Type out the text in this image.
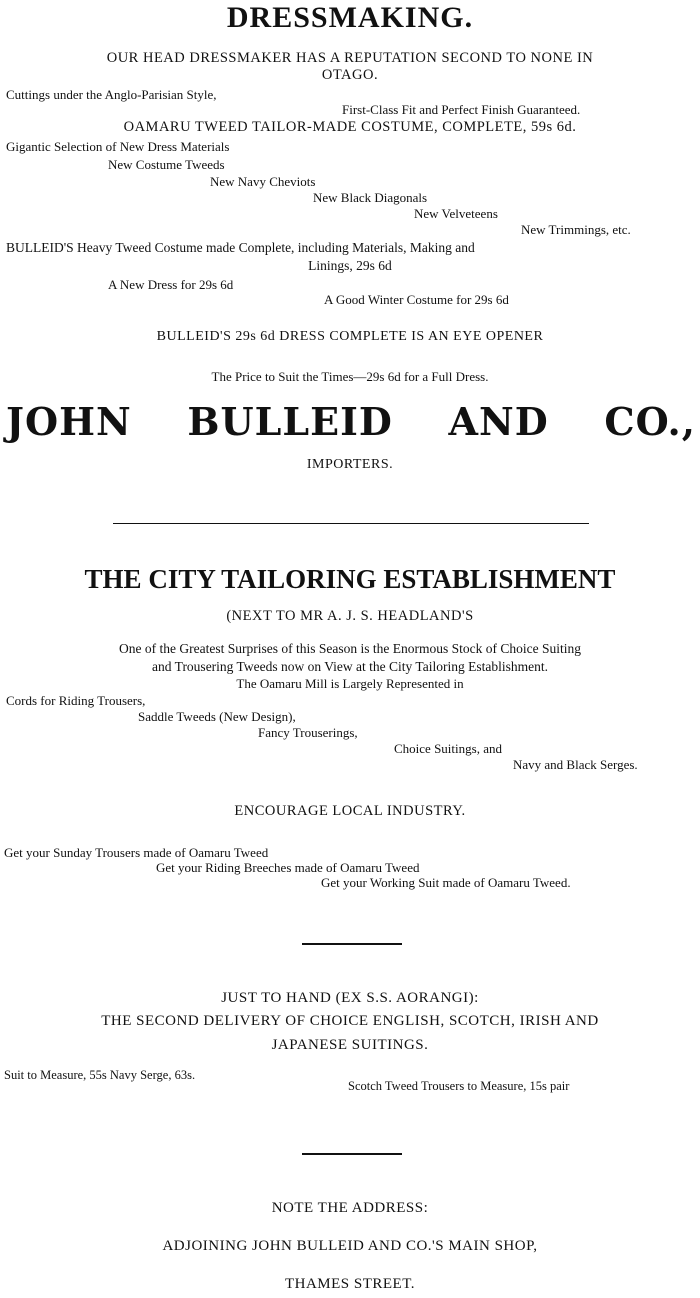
DRESSMAKING.
OUR HEAD DRESSMAKER HAS A REPUTATION SECOND TO NONE IN
OTAGO.
Cuttings under the Anglo-Parisian Style,
First-Class Fit and Perfect Finish Guaranteed.
OAMARU TWEED TAILOR-MADE COSTUME, COMPLETE, 59s 6d.
Gigantic Selection of New Dress Materials
New Costume Tweeds
New Navy Cheviots
New Black Diagonals
New Velveteens
New Trimmings, etc.
BULLEID'S Heavy Tweed Costume made Complete, including Materials, Making and
Linings, 29s 6d
A New Dress for 29s 6d
A Good Winter Costume for 29s 6d
BULLEID'S 29s 6d DRESS COMPLETE IS AN EYE OPENER
The Price to Suit the Times—29s 6d for a Full Dress.
JOHN BULLEID AND CO.,
IMPORTERS.
THE CITY TAILORING ESTABLISHMENT
(NEXT TO MR A. J. S. HEADLAND'S
One of the Greatest Surprises of this Season is the Enormous Stock of Choice Suiting
and Trousering Tweeds now on View at the City Tailoring Establishment.
The Oamaru Mill is Largely Represented in
Cords for Riding Trousers,
Saddle Tweeds (New Design),
Fancy Trouserings,
Choice Suitings, and
Navy and Black Serges.
ENCOURAGE LOCAL INDUSTRY.
Get your Sunday Trousers made of Oamaru Tweed
Get your Riding Breeches made of Oamaru Tweed
Get your Working Suit made of Oamaru Tweed.
JUST TO HAND (EX S.S. AORANGI):
THE SECOND DELIVERY OF CHOICE ENGLISH, SCOTCH, IRISH AND
JAPANESE SUITINGS.
Suit to Measure, 55s Navy Serge, 63s.
Scotch Tweed Trousers to Measure, 15s pair
NOTE THE ADDRESS:
ADJOINING JOHN BULLEID AND CO.'S MAIN SHOP,
THAMES STREET.
